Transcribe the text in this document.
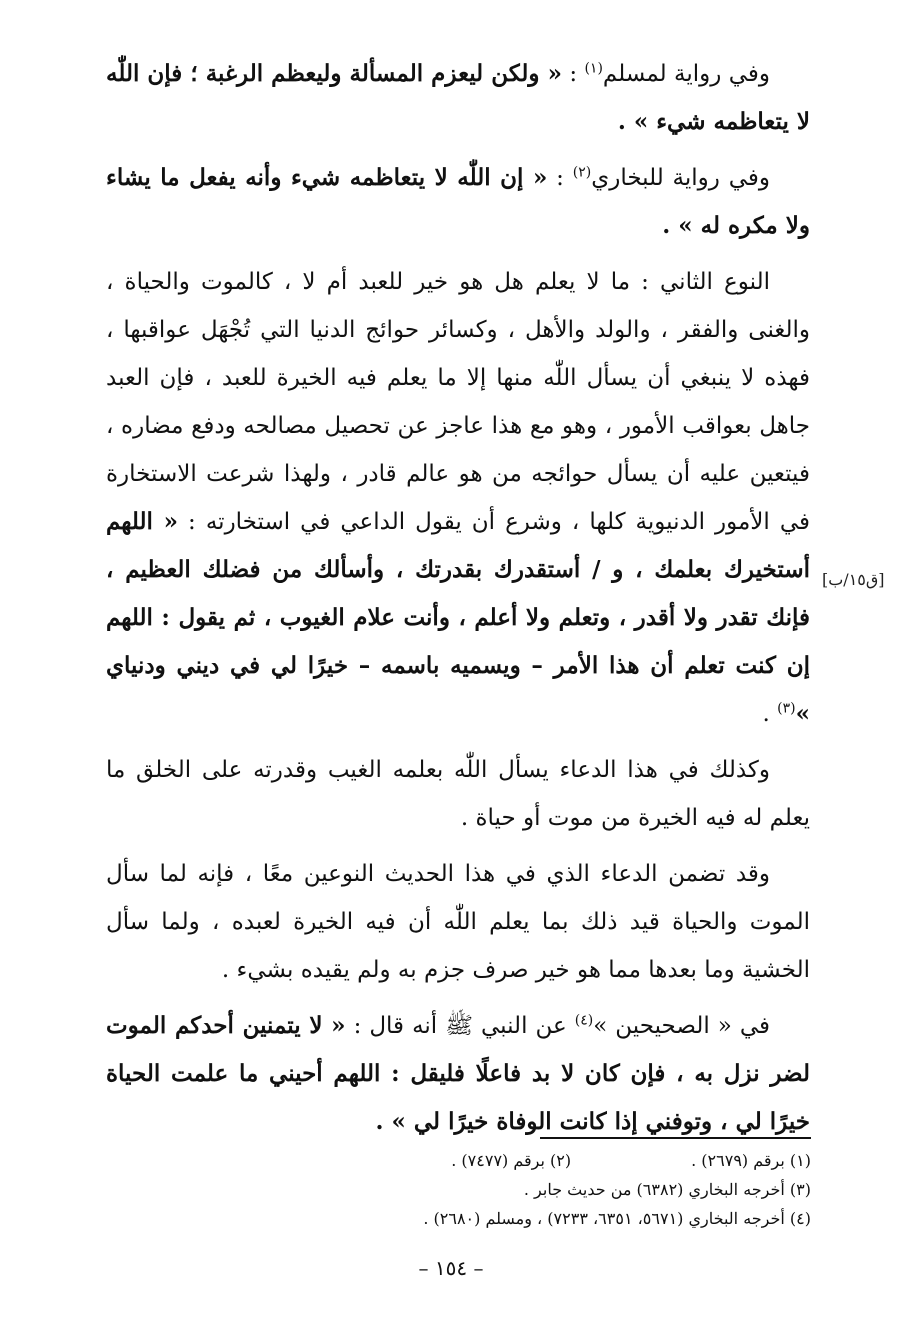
وفي رواية لمسلم$^{(١)}$ : « ولكن ليعزم المسألة وليعظم الرغبة ؛ فإن اللّٰه لا يتعاظمه شيء » .

وفي رواية للبخاري$^{(٢)}$ : « إن اللّٰه لا يتعاظمه شيء وأنه يفعل ما يشاء ولا مكره له » .

النوع الثاني : ما لا يعلم هل هو خير للعبد أم لا ، كالموت والحياة ، والغنى والفقر ، والولد والأهل ، وكسائر حوائج الدنيا التي تُجْهَل عواقبها ، فهذه لا ينبغي أن يسأل اللّٰه منها إلا ما يعلم فيه الخيرة للعبد ، فإن العبد جاهل بعواقب الأمور ، وهو مع هذا عاجز عن تحصيل مصالحه ودفع مضاره ، فيتعين عليه أن يسأل حوائجه من هو عالم قادر ، ولهذا شرعت الاستخارة في الأمور الدنيوية كلها ، وشرع أن يقول الداعي في استخارته : « اللهم أستخيرك بعلمك ، و / أستقدرك بقدرتك ، وأسألك من فضلك العظيم ، فإنك تقدر ولا أقدر ، وتعلم ولا أعلم ، وأنت علام الغيوب ، ثم يقول : اللهم إن كنت تعلم أن هذا الأمر – ويسميه باسمه – خيرًا لي في ديني ودنياي »$^{(٣)}$ .

وكذلك في هذا الدعاء يسأل اللّٰه بعلمه الغيب وقدرته على الخلق ما يعلم له فيه الخيرة من موت أو حياة .

وقد تضمن الدعاء الذي في هذا الحديث النوعين معًا ، فإنه لما سأل الموت والحياة قيد ذلك بما يعلم اللّٰه أن فيه الخيرة لعبده ، ولما سأل الخشية وما بعدها مما هو خير صرف جزم به ولم يقيده بشيء .

في « الصحيحين »$^{(٤)}$ عن النبي ﷺ أنه قال : « لا يتمنين أحدكم الموت لضر نزل به ، فإن كان لا بد فاعلًا فليقل : اللهم أحيني ما علمت الحياة خيرًا لي ، وتوفني إذا كانت الوفاة خيرًا لي » .

[ق١٥/ب]
(١) برقم (٢٦٧٩) .(٢) برقم (٧٤٧٧) .
(٣) أخرجه البخاري (٦٣٨٢) من حديث جابر .
(٤) أخرجه البخاري (٥٦٧١، ٦٣٥١، ٧٢٣٣) ، ومسلم (٢٦٨٠) .
– ١٥٤ –
